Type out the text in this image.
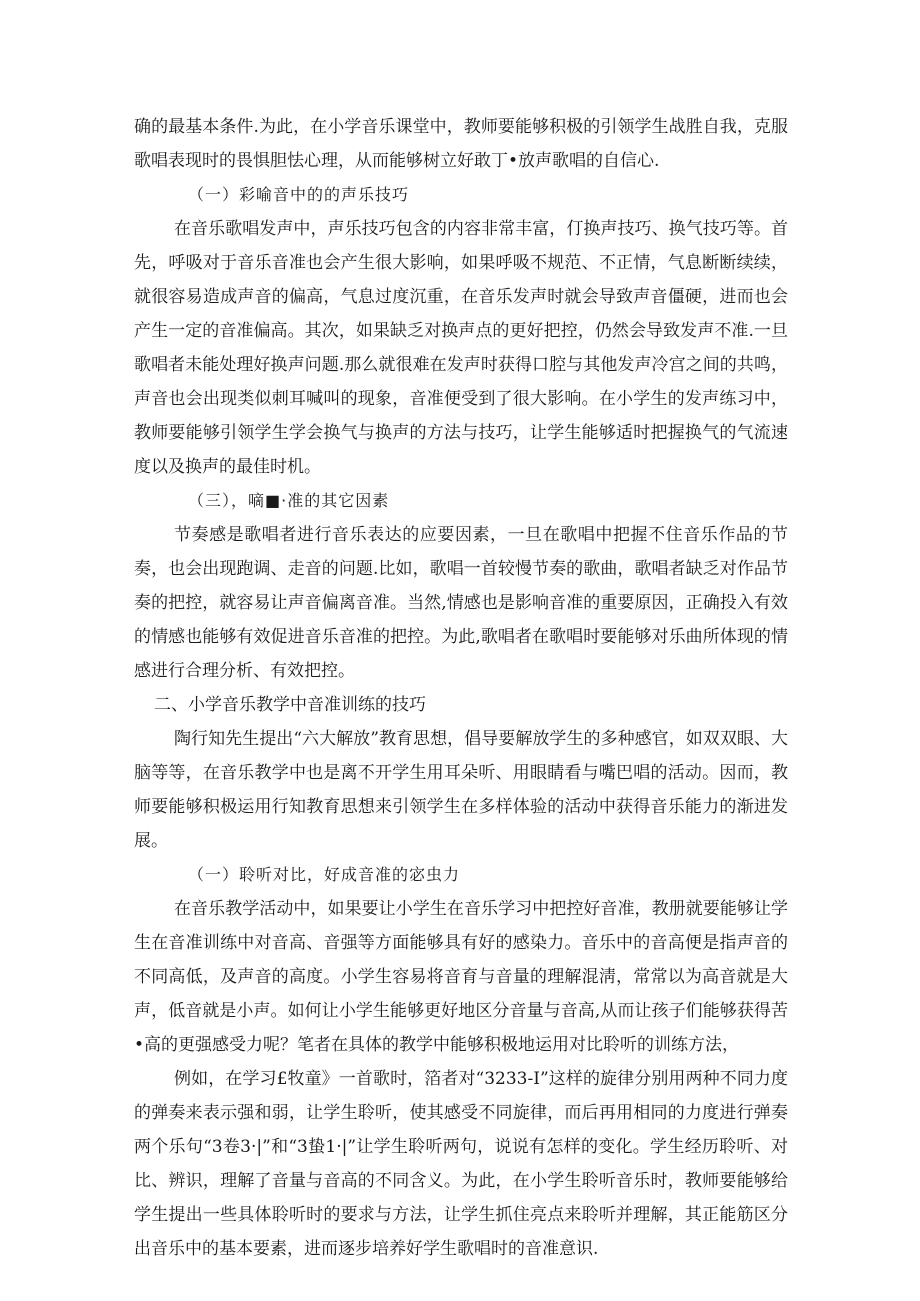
确的最基本条件.为此，在小学音乐课堂中，教师要能够积极的引领学生战胜自我，克服歌唱表现时的畏惧胆怯心理，从而能够树立好敢丁•放声歌唱的自信心.

（一）彩喻音中的的声乐技巧

在音乐歌唱发声中，声乐技巧包含的内容非常丰富，仃换声技巧、换气技巧等。首先，呼吸对于音乐音准也会产生很大影响，如果呼吸不规范、不正情，气息断断续续，就很容易造成声音的偏高，气息过度沉重，在音乐发声时就会导致声音僵硬，进而也会产生一定的音准偏高。其次，如果缺乏对换声点的更好把控，仍然会导致发声不准.一旦歌唱者未能处理好换声问题.那么就很难在发声时获得口腔与其他发声冷宫之间的共鸣，声音也会出现类似刺耳喊叫的现象，音准便受到了很大影响。在小学生的发声练习中，教师要能够引领学生学会换气与换声的方法与技巧，让学生能够适时把握换气的气流速度以及换声的最佳时机。

（三），嘀■·准的其它因素

节奏感是歌唱者进行音乐表达的应要因素，一旦在歌唱中把握不住音乐作品的节奏，也会出现跑调、走音的问题.比如，歌唱一首较慢节奏的歌曲，歌唱者缺乏对作品节奏的把控，就容易让声音偏离音准。当然,情感也是影响音准的重要原因，正确投入有效的情感也能够有效促进音乐音准的把控。为此,歌唱者在歌唱时要能够对乐曲所体现的情感进行合理分析、有效把控。

二、小学音乐教学中音准训练的技巧

陶行知先生提出“六大解放”教育思想，倡导要解放学生的多种感官，如双双眼、大脑等等，在音乐教学中也是离不开学生用耳朵听、用眼睛看与嘴巴唱的活动。因而，教师要能够积极运用行知教育思想来引领学生在多样体验的活动中获得音乐能力的渐进发展。

（一）聆听对比，好成音准的宓虫力

在音乐教学活动中，如果要让小学生在音乐学习中把控好音准，教册就要能够让学生在音准训练中对音高、音强等方面能够具有好的感染力。音乐中的音高便是指声音的不同高低，及声音的高度。小学生容易将音育与音量的理解混淸，常常以为高音就是大声，低音就是小声。如何让小学生能够更好地区分音量与音高,从而让孩子们能够获得苦•高的更强感受力呢？笔者在具体的教学中能够积极地运用对比聆听的训练方法，

例如，在学习£牧童》一首歌时，箔者对“3233-I”这样的旋律分别用两种不同力度的弹奏来表示强和弱，让学生聆听，使其感受不同旋律，而后再用相同的力度进行弹奏两个乐句“3卷3·|”和“3蛰1·|”让学生聆听两句，说说有怎样的变化。学生经历聆听、对比、辨识，理解了音量与音高的不同含义。为此，在小学生聆听音乐时，教师要能够给学生提出一些具体聆听时的要求与方法，让学生抓住亮点来聆听并理解，其正能筋区分出音乐中的基本要素，进而逐步培养好学生歌唱时的音准意识.
